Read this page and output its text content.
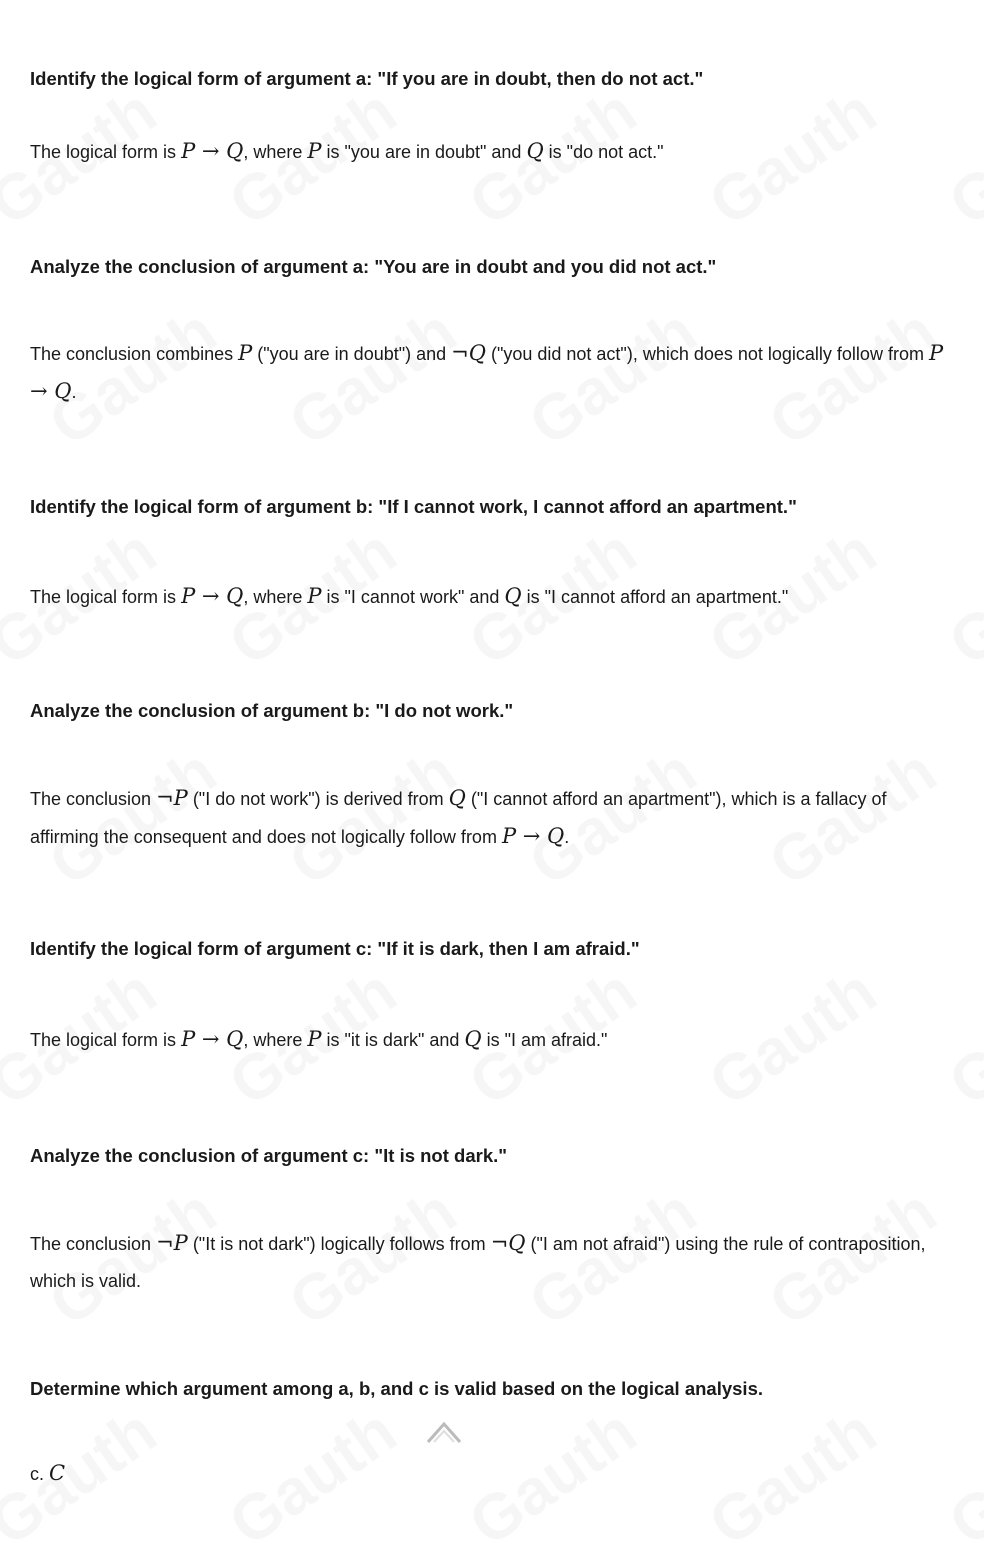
Identify the logical form of argument a: "If you are in doubt, then do not act."
The logical form is P → Q, where P is "you are in doubt" and Q is "do not act."
Analyze the conclusion of argument a: "You are in doubt and you did not act."
The conclusion combines P ("you are in doubt") and ¬Q ("you did not act"), which does not logically follow from P → Q.
Identify the logical form of argument b: "If I cannot work, I cannot afford an apartment."
The logical form is P → Q, where P is "I cannot work" and Q is "I cannot afford an apartment."
Analyze the conclusion of argument b: "I do not work."
The conclusion ¬P ("I do not work") is derived from Q ("I cannot afford an apartment"), which is a fallacy of affirming the consequent and does not logically follow from P → Q.
Identify the logical form of argument c: "If it is dark, then I am afraid."
The logical form is P → Q, where P is "it is dark" and Q is "I am afraid."
Analyze the conclusion of argument c: "It is not dark."
The conclusion ¬P ("It is not dark") logically follows from ¬Q ("I am not afraid") using the rule of contraposition, which is valid.
Determine which argument among a, b, and c is valid based on the logical analysis.
c. C
